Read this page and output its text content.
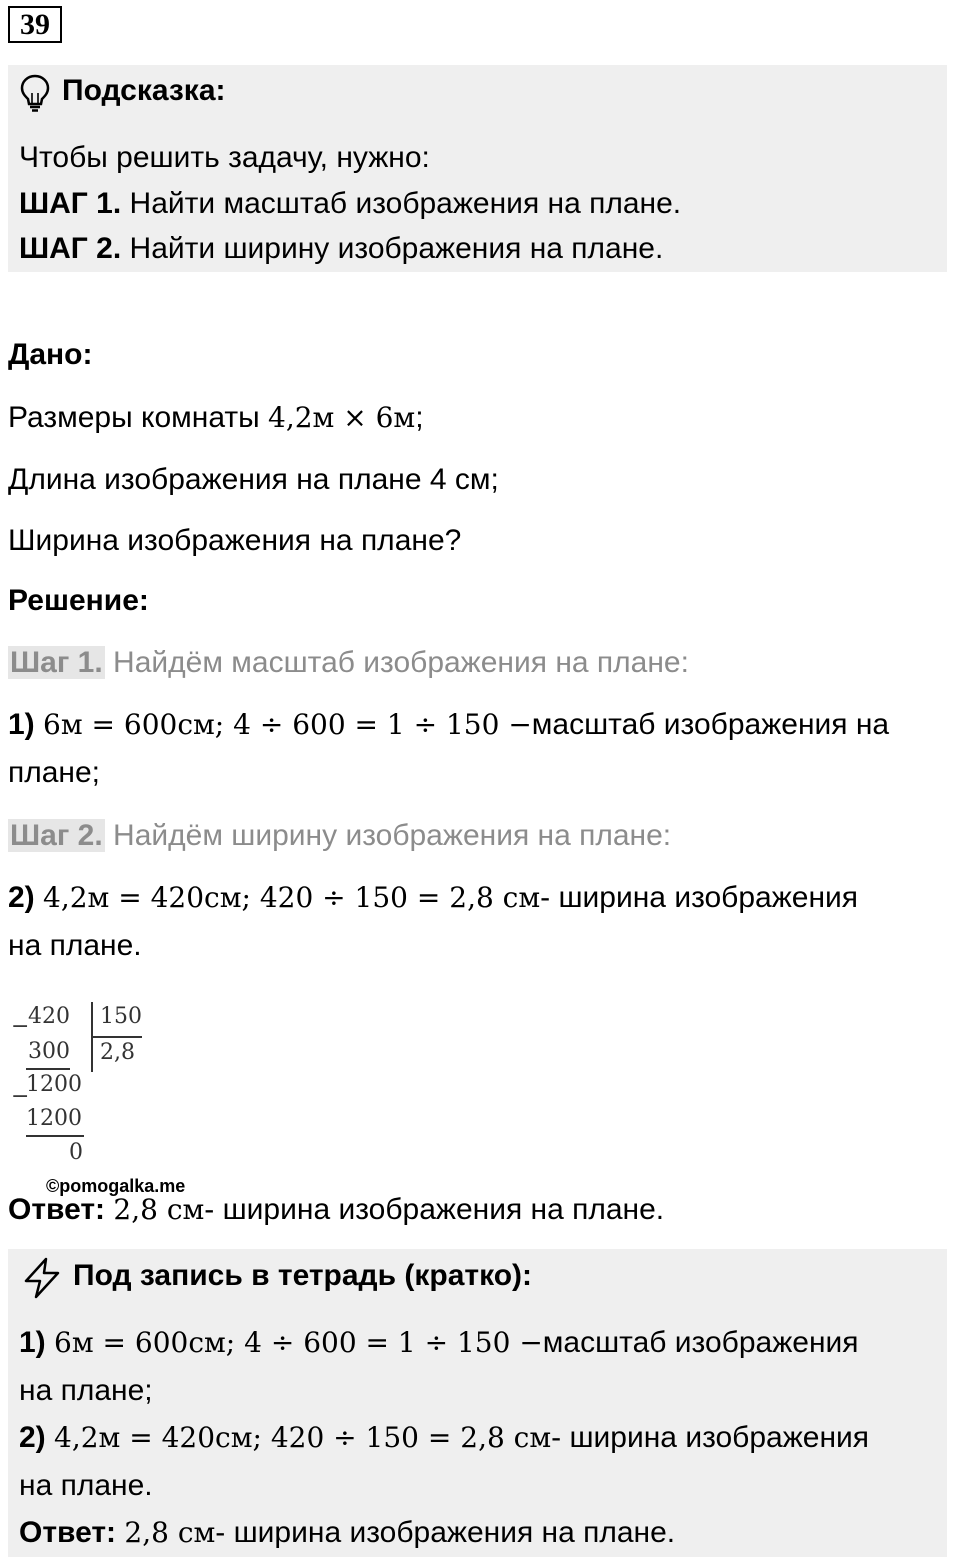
39
Подсказка:
Чтобы решить задачу, нужно:
ШАГ 1. Найти масштаб изображения на плане.
ШАГ 2. Найти ширину изображения на плане.
Дано:
Размеры комнаты 4,2м × 6м;
Длина изображения на плане 4 см;
Ширина изображения на плане?
Решение:
Шаг 1. Найдём масштаб изображения на плане:
1) 6м = 600см; 4 ÷ 600 = 1 ÷ 150 −масштаб изображения на
плане;
Шаг 2. Найдём ширину изображения на плане:
2) 4,2м = 420см; 420 ÷ 150 = 2,8 см- ширина изображения
на плане.
−
420 150
2,8
300
−
1200
1200
0
©pomogalka.me
Ответ: 2,8 см- ширина изображения на плане.
Под запись в тетрадь (кратко):
1) 6м = 600см; 4 ÷ 600 = 1 ÷ 150 −масштаб изображения
на плане;
2) 4,2м = 420см; 420 ÷ 150 = 2,8 см- ширина изображения
на плане.
Ответ: 2,8 см- ширина изображения на плане.
